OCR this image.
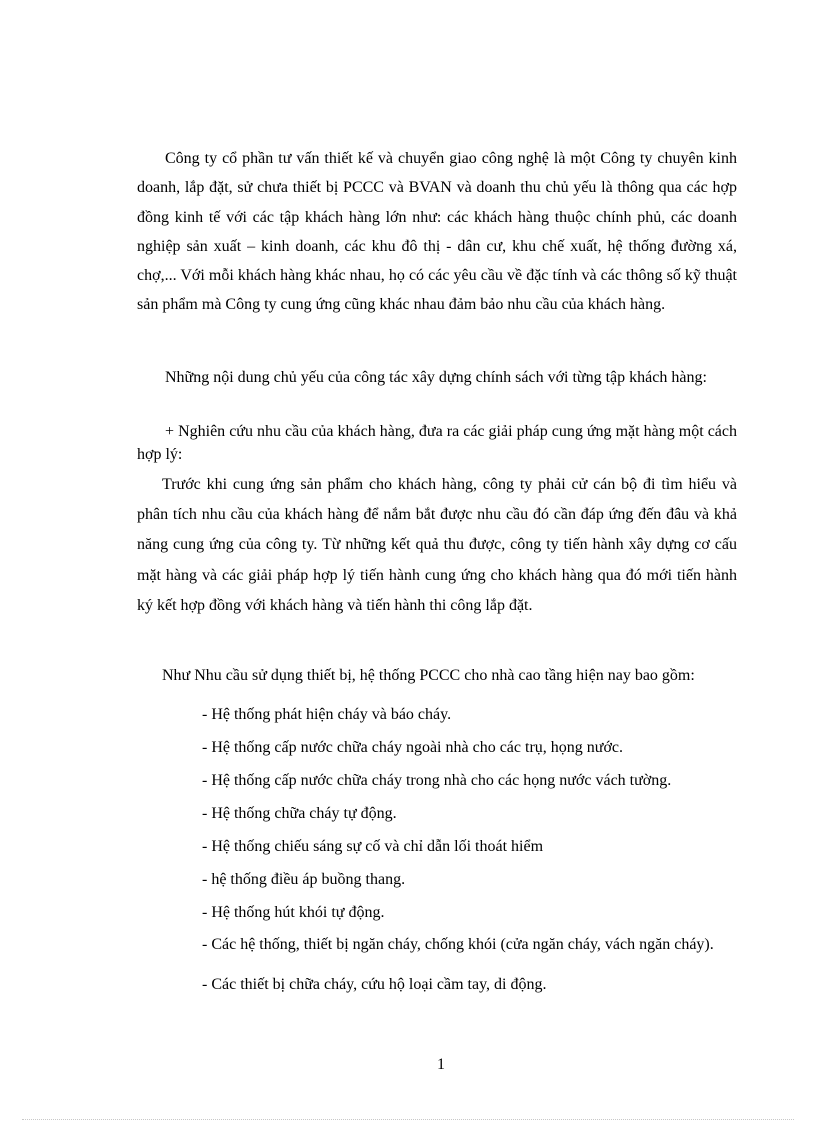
Công ty cổ phần tư vấn thiết kế và chuyển giao công nghệ là một Công ty chuyên kinh doanh, lắp đặt, sử chưa thiết bị PCCC và BVAN và doanh thu chủ yếu là thông qua các hợp đồng kinh tế với các tập khách hàng lớn như: các khách hàng thuộc chính phủ, các doanh nghiệp sản xuất – kinh doanh, các khu đô thị - dân cư, khu chế xuất, hệ thống đường xá, chợ,... Với mỗi khách hàng khác nhau, họ có các yêu cầu về đặc tính và các thông số kỹ thuật sản phẩm mà Công ty cung ứng cũng khác nhau đảm bảo nhu cầu của khách hàng.

Những nội dung chủ yếu của công tác xây dựng chính sách với từng tập khách hàng:

+ Nghiên cứu nhu cầu của khách hàng, đưa ra các giải pháp cung ứng mặt hàng một cách hợp lý:

Trước khi cung ứng sản phẩm cho khách hàng, công ty phải cử cán bộ đi tìm hiểu và phân tích nhu cầu của khách hàng để nắm bắt được nhu cầu đó cần đáp ứng đến đâu và khả năng cung ứng của công ty. Từ những kết quả thu được, công ty tiến hành xây dựng cơ cấu mặt hàng và các giải pháp hợp lý tiến hành cung ứng cho khách hàng qua đó mới tiến hành ký kết hợp đồng với khách hàng và tiến hành thi công lắp đặt.

Như Nhu cầu sử dụng thiết bị, hệ thống PCCC cho nhà cao tầng hiện nay bao gồm:

- Hệ thống phát hiện cháy và báo cháy.
- Hệ thống cấp nước chữa cháy ngoài nhà cho các trụ, họng nước.
- Hệ thống cấp nước chữa cháy trong nhà cho các họng nước vách tường.
- Hệ thống chữa cháy tự động.
- Hệ thống chiếu sáng sự cố và chỉ dẫn lối thoát hiểm
- hệ thống điều áp buồng thang.
- Hệ thống hút khói tự động.
- Các hệ thống, thiết bị ngăn cháy, chống khói (cửa ngăn cháy, vách ngăn cháy).
- Các thiết bị chữa cháy, cứu hộ loại cầm tay, di động.
1
